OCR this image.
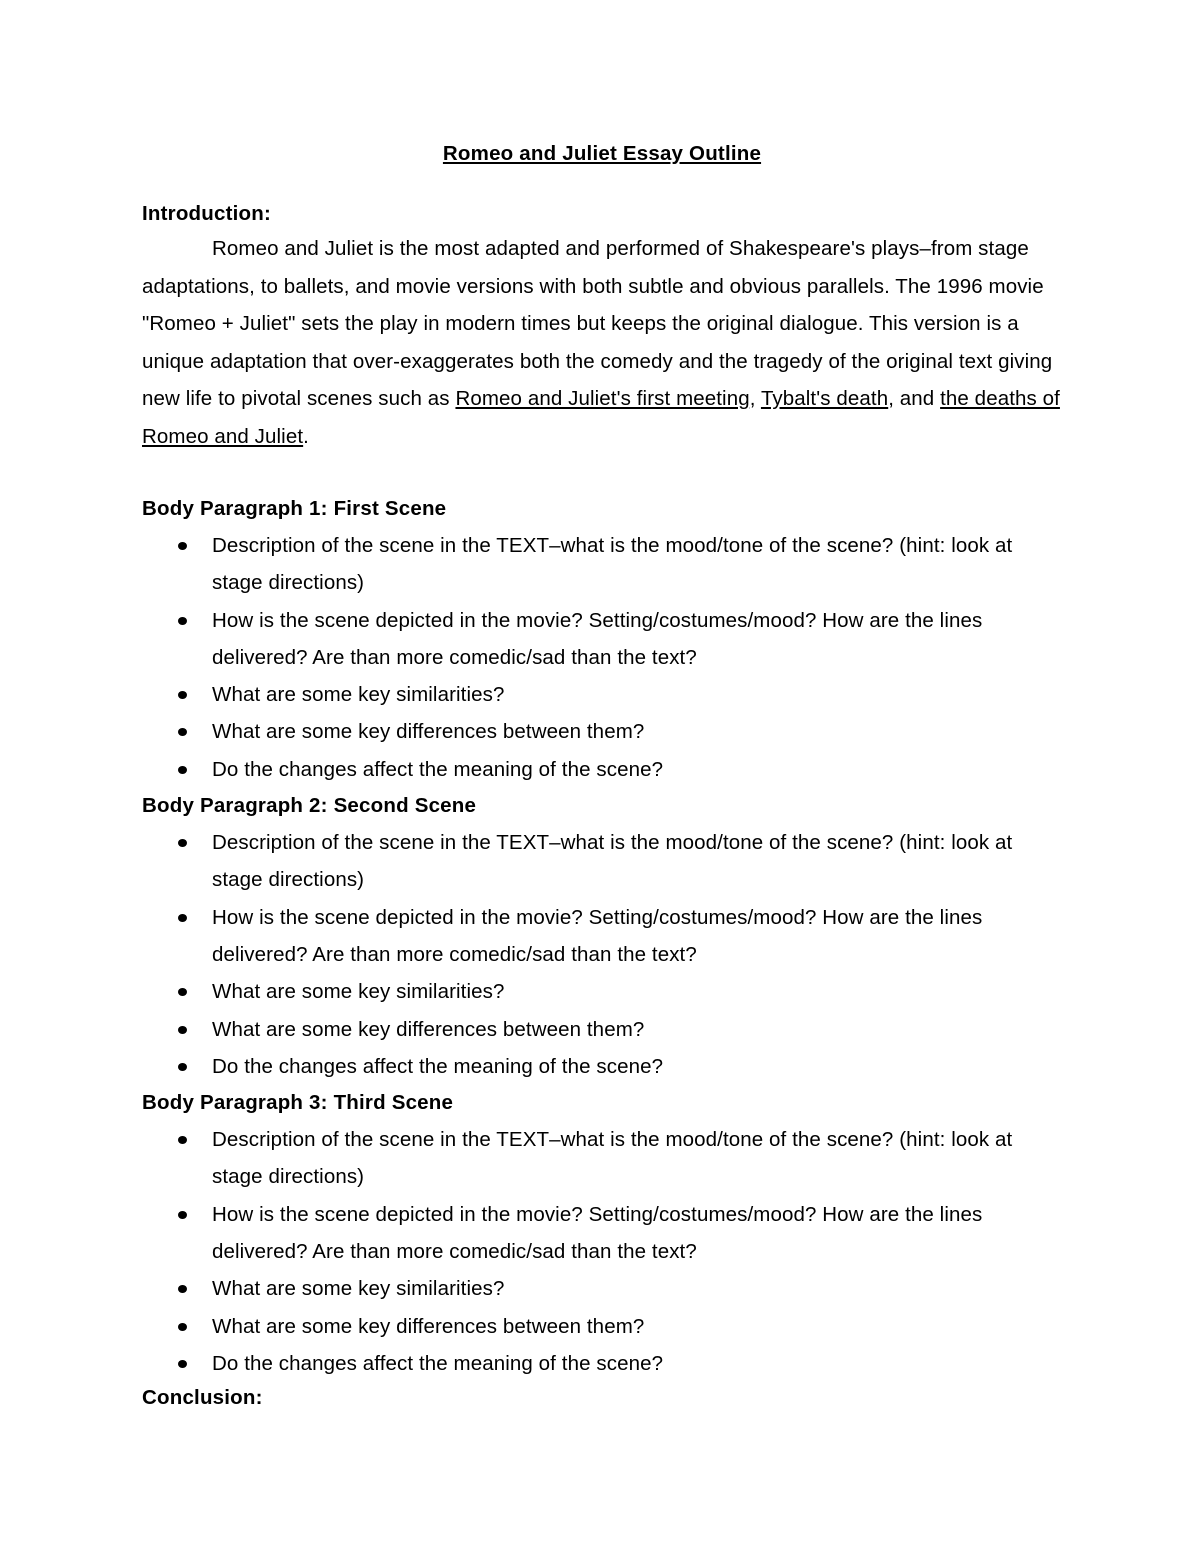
Romeo and Juliet Essay Outline
Introduction:

Romeo and Juliet is the most adapted and performed of Shakespeare's plays–from stage adaptations, to ballets, and movie versions with both subtle and obvious parallels. The 1996 movie "Romeo + Juliet" sets the play in modern times but keeps the original dialogue. This version is a unique adaptation that over-exaggerates both the comedy and the tragedy of the original text giving new life to pivotal scenes such as Romeo and Juliet's first meeting, Tybalt's death, and the deaths of Romeo and Juliet.

Body Paragraph 1: First Scene
Description of the scene in the TEXT–what is the mood/tone of the scene? (hint: look at stage directions)
How is the scene depicted in the movie? Setting/costumes/mood? How are the lines delivered? Are than more comedic/sad than the text?
What are some key similarities?
What are some key differences between them?
Do the changes affect the meaning of the scene?
Body Paragraph 2: Second Scene
Description of the scene in the TEXT–what is the mood/tone of the scene? (hint: look at stage directions)
How is the scene depicted in the movie? Setting/costumes/mood? How are the lines delivered? Are than more comedic/sad than the text?
What are some key similarities?
What are some key differences between them?
Do the changes affect the meaning of the scene?
Body Paragraph 3: Third Scene
Description of the scene in the TEXT–what is the mood/tone of the scene? (hint: look at stage directions)
How is the scene depicted in the movie? Setting/costumes/mood? How are the lines delivered? Are than more comedic/sad than the text?
What are some key similarities?
What are some key differences between them?
Do the changes affect the meaning of the scene?
Conclusion:
